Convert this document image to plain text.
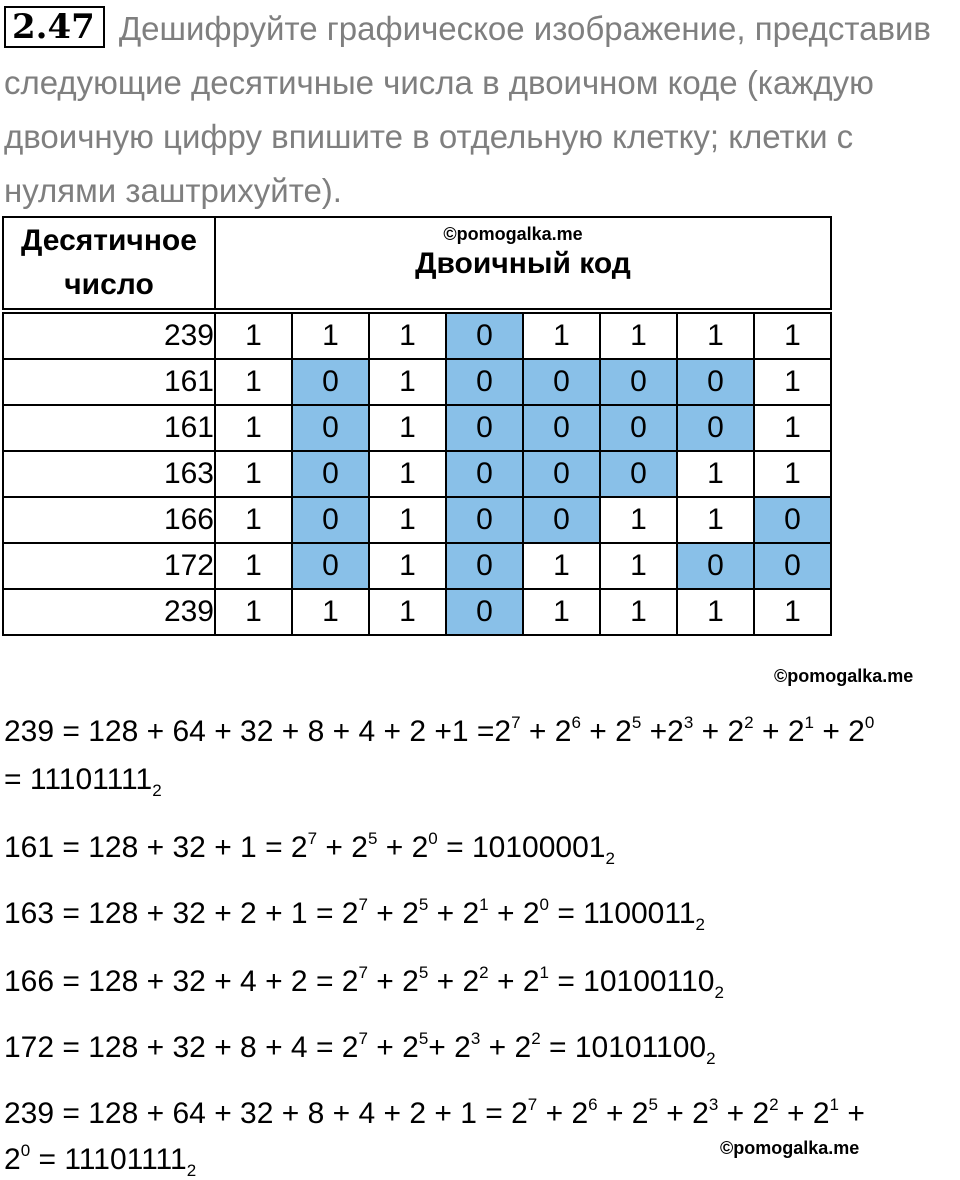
2.47 Дешифруйте графическое изображение, представив следующие десятичные числа в двоичном коде (каждую двоичную цифру впишите в отдельную клетку; клетки с нулями заштрихуйте).
Десятичное число	©pomogalka.me
Двоичный код							

239	1	1	1	0	1	1	1	1
161	1	0	1	0	0	0	0	1
161	1	0	1	0	0	0	0	1
163	1	0	1	0	0	0	1	1
166	1	0	1	0	0	1	1	0
172	1	0	1	0	1	1	0	0
239	1	1	1	0	1	1	1	1
©pomogalka.me
$239 = 128 + 64 + 32 + 8 + 4 + 2 +1 =2^7 + 2^6 + 2^5 +2^3 + 2^2 + 2^1 + 2^0$
= $11101111_2$
$161 = 128 + 32 + 1 = 2^7 + 2^5 + 2^0 = 10100001_2$
$163 = 128 + 32 + 2 + 1 = 2^7 + 2^5 + 2^1 + 2^0 = 1100011_2$
$166 = 128 + 32 + 4 + 2 = 2^7 + 2^5 + 2^2 + 2^1 = 10100110_2$
$172 = 128 + 32 + 8 + 4 = 2^7 + 2^5+ 2^3 + 2^2 = 10101100_2$
$239 = 128 + 64 + 32 + 8 + 4 + 2 + 1 = 2^7 + 2^6 + 2^5 + 2^3 + 2^2 + 2^1$ +
$2^0 = 11101111_2$
©pomogalka.me
